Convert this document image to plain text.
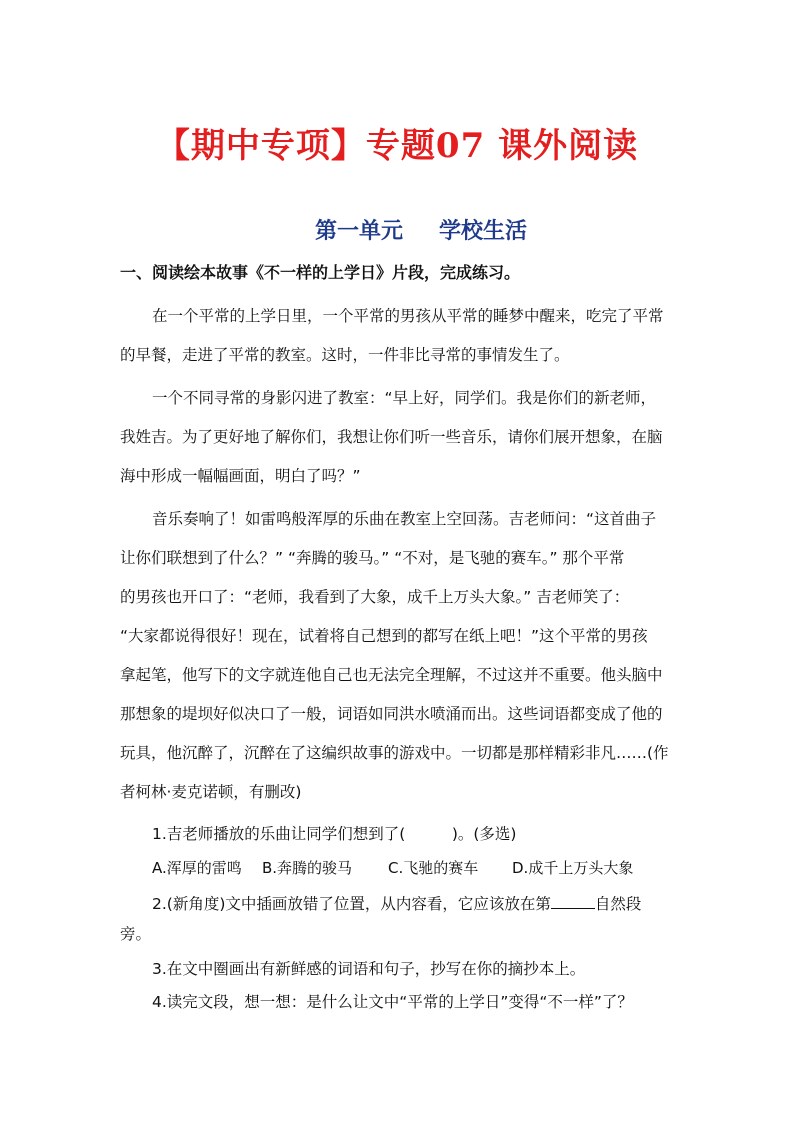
【期中专项】专题07 课外阅读
第一单元 学校生活
一、阅读绘本故事《不一样的上学日》片段，完成练习。
在一个平常的上学日里，一个平常的男孩从平常的睡梦中醒来，吃完了平常
的早餐，走进了平常的教室。这时，一件非比寻常的事情发生了。
一个不同寻常的身影闪进了教室：“早上好，同学们。我是你们的新老师，
我姓吉。为了更好地了解你们，我想让你们听一些音乐，请你们展开想象，在脑
海中形成一幅幅画面，明白了吗？”
音乐奏响了！如雷鸣般浑厚的乐曲在教室上空回荡。吉老师问：“这首曲子
让你们联想到了什么？” “奔腾的骏马。” “不对，是飞驰的赛车。” 那个平常
的男孩也开口了：“老师，我看到了大象，成千上万头大象。” 吉老师笑了：
“大家都说得很好！现在，试着将自己想到的都写在纸上吧！”这个平常的男孩
拿起笔，他写下的文字就连他自己也无法完全理解，不过这并不重要。他头脑中
那想象的堤坝好似决口了一般，词语如同洪水喷涌而出。这些词语都变成了他的
玩具，他沉醉了，沉醉在了这编织故事的游戏中。一切都是那样精彩非凡……(作
者柯林·麦克诺顿，有删改)
1.吉老师播放的乐曲让同学们想到了(　　　)。(多选)
A.浑厚的雷鸣 B.奔腾的骏马 C.飞驰的赛车 D.成千上万头大象
2.(新角度)文中插画放错了位置，从内容看，它应该放在第	自然段
旁。
3.在文中圈画出有新鲜感的词语和句子，抄写在你的摘抄本上。
4.读完文段，想一想：是什么让文中“平常的上学日”变得“不一样”了？
